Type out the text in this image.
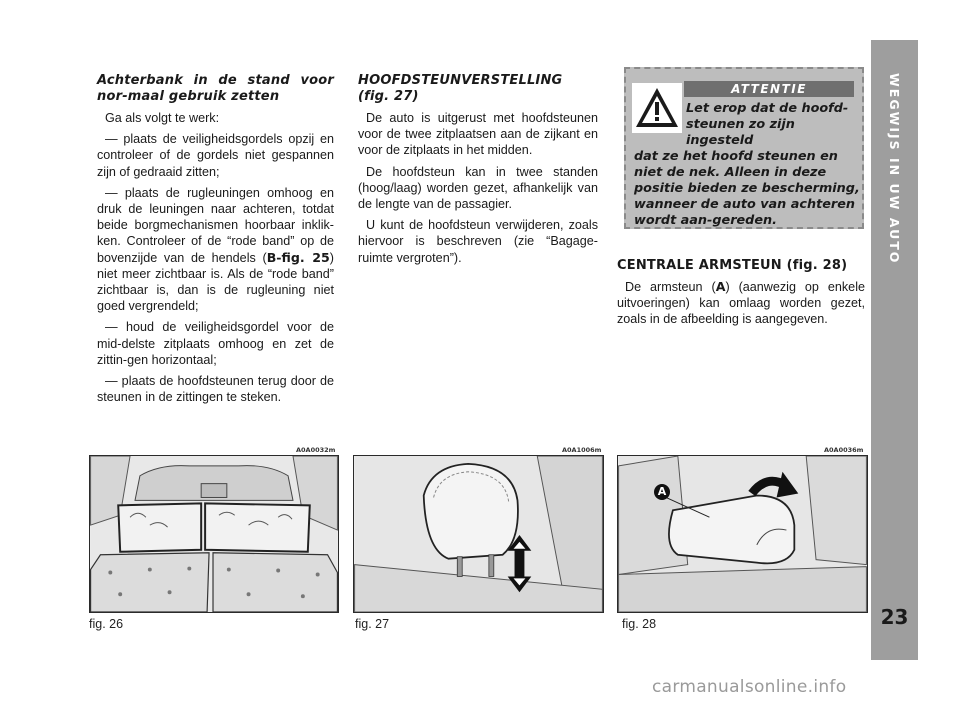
Achterbank in de stand voor nor-maal gebruik zetten

Ga als volgt te werk:

— plaats de veiligheidsgordels opzij en controleer of de gordels niet gespannen zijn of gedraaid zitten;

— plaats de rugleuningen omhoog en druk de leuningen naar achteren, totdat beide borgmechanismen hoorbaar inklik-ken. Controleer of de “rode band” op de bovenzijde van de hendels (B-fig. 25) niet meer zichtbaar is. Als de “rode band” zichtbaar is, dan is de rugleuning niet goed vergrendeld;

— houd de veiligheidsgordel voor de mid-delste zitplaats omhoog en zet de zittin-gen horizontaal;

— plaats de hoofdsteunen terug door de steunen in de zittingen te steken.

HOOFDSTEUNVERSTELLING

(fig. 27)

De auto is uitgerust met hoofdsteunen voor de twee zitplaatsen aan de zijkant en voor de zitplaats in het midden.

De hoofdsteun kan in twee standen (hoog/laag) worden gezet, afhankelijk van de lengte van de passagier.

U kunt de hoofdsteun verwijderen, zoals hiervoor is beschreven (zie “Bagage-ruimte vergroten”).

ATTENTIE
Let erop dat de hoofd-steunen zo zijn ingesteld
dat ze het hoofd steunen en niet de nek. Alleen in deze positie bieden ze bescherming, wanneer de auto van achteren wordt aan-gereden.

CENTRALE ARMSTEUN (fig. 28)

De armsteun (A) (aanwezig op enkele uitvoeringen) kan omlaag worden gezet, zoals in de afbeelding is aangegeven.

A0A0032m
fig. 26
A0A1006m
fig. 27
A0A0036m
A
fig. 28
WEGWIJS IN UW AUTO
23
carmanualsonline.info
